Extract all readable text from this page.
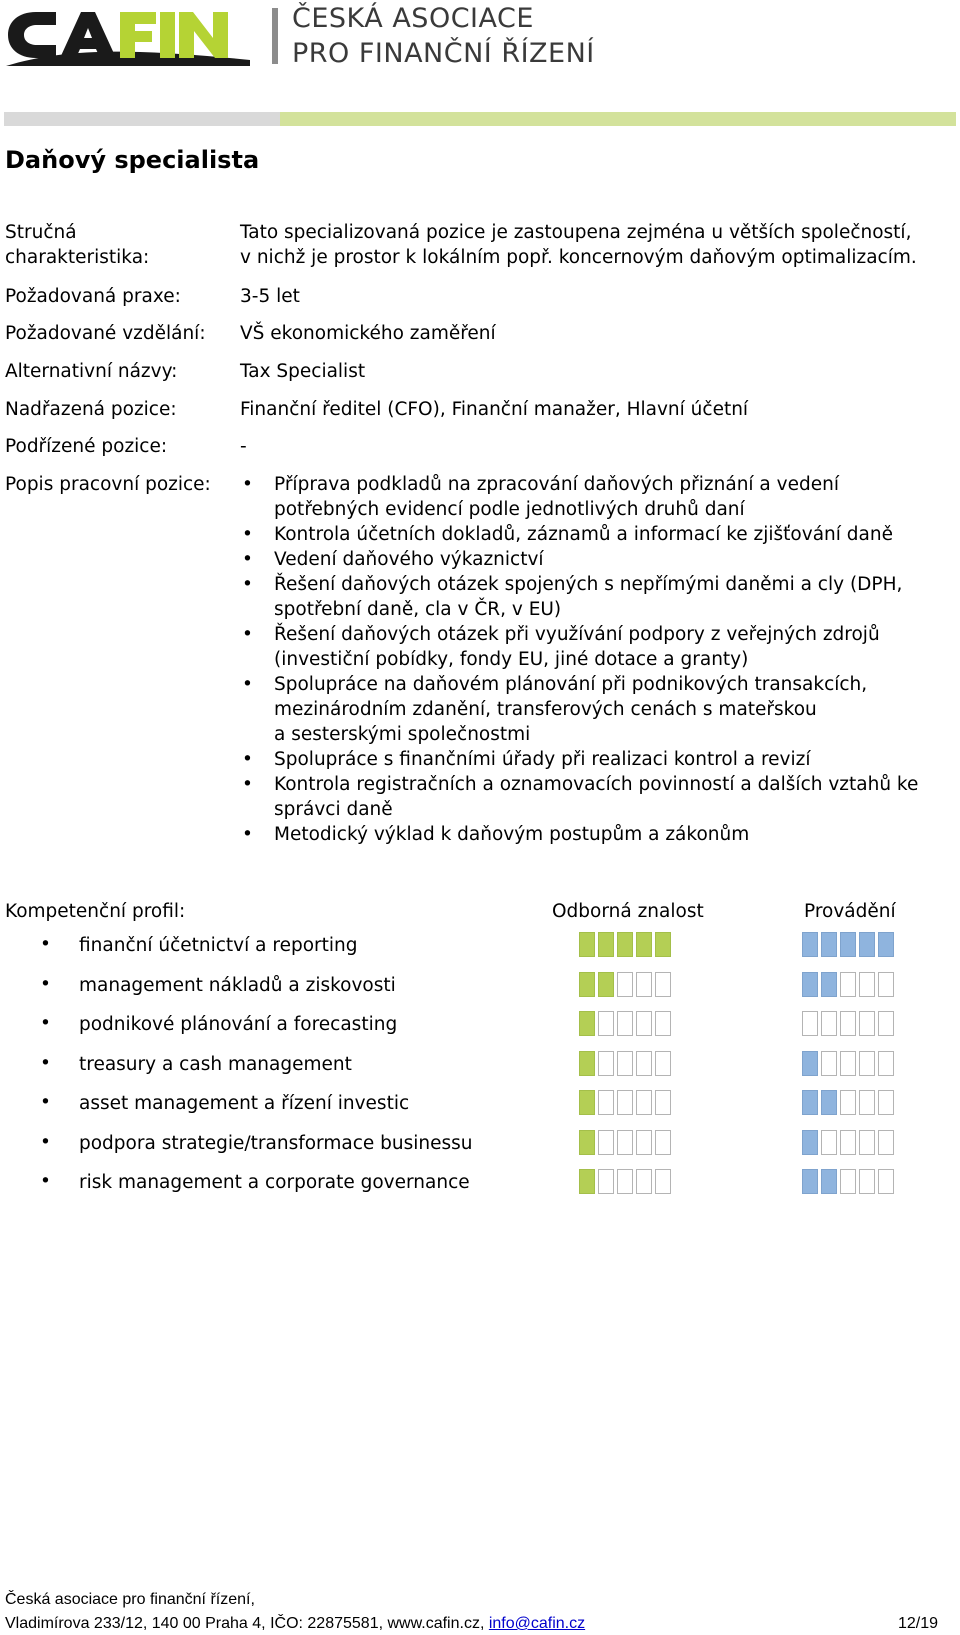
ČESKÁ ASOCIACE
PRO FINANČNÍ ŘÍZENÍ
Daňový specialista
Stručná
charakteristika:
Tato specializovaná pozice je zastoupena zejména u větších společností,
v nichž je prostor k lokálním popř. koncernovým daňovým optimalizacím.
Požadovaná praxe:	3-5 let
Požadované vzdělání: VŠ ekonomického zaměření
Alternativní názvy:	Tax Specialist
Nadřazená pozice:	Finanční ředitel (CFO), Finanční manažer, Hlavní účetní
Podřízené pozice:	-
Popis pracovní pozice: • Příprava podkladů na zpracování daňových přiznání a vedení
potřebných evidencí podle jednotlivých druhů daní
• Kontrola účetních dokladů, záznamů a informací ke zjišťování daně
• Vedení daňového výkaznictví
• Řešení daňových otázek spojených s nepřímými daněmi a cly (DPH,
spotřební daně, cla v ČR, v EU)
• Řešení daňových otázek při využívání podpory z veřejných zdrojů
(investiční pobídky, fondy EU, jiné dotace a granty)
• Spolupráce na daňovém plánování při podnikových transakcích,
mezinárodním zdanění, transferových cenách s mateřskou
a sesterskými společnostmi
• Spolupráce s finančními úřady při realizaci kontrol a revizí
• Kontrola registračních a oznamovacích povinností a dalších vztahů ke
správci daně
• Metodický výklad k daňovým postupům a zákonům
Kompetenční profil:	Odborná znalost	Provádění
• finanční účetnictví a reporting
• management nákladů a ziskovosti
• podnikové plánování a forecasting
• treasury a cash management
• asset management a řízení investic
• podpora strategie/transformace businessu
• risk management a corporate governance
Česká asociace pro finanční řízení,
Vladimírova 233/12, 140 00 Praha 4, IČO: 22875581, www.cafin.cz, info@cafin.cz	12/19
